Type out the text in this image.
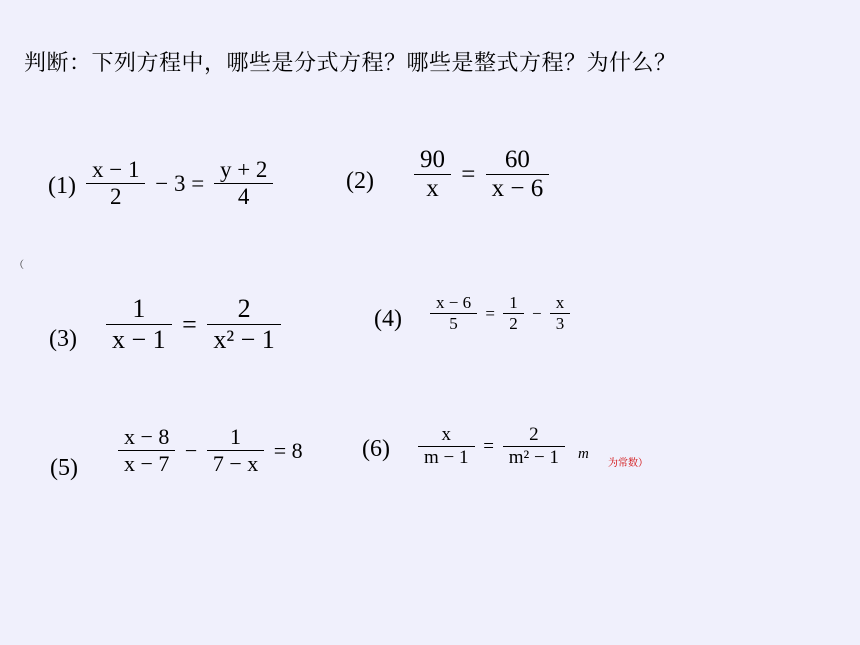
判断：下列方程中，哪些是分式方程？哪些是整式方程？为什么？
（
$(1) \frac{x - 1}{2} - 3 = \frac{y + 2}{4}$	$(2) \frac{90}{x} = \frac{60}{x - 6}$
$(3) \frac{1}{x - 1} = \frac{2}{\text{x² − 1}}$	$(4) \frac{x - 6}{5} = \frac{1}{2} - \frac{x}{3}$
$(5) \frac{x - 8}{x - 7} - \frac{1}{7 - x} = 8$ $(6) \frac{x}{m - 1} = \frac{2}{\text{m² − 1}}$ m
为常数）
